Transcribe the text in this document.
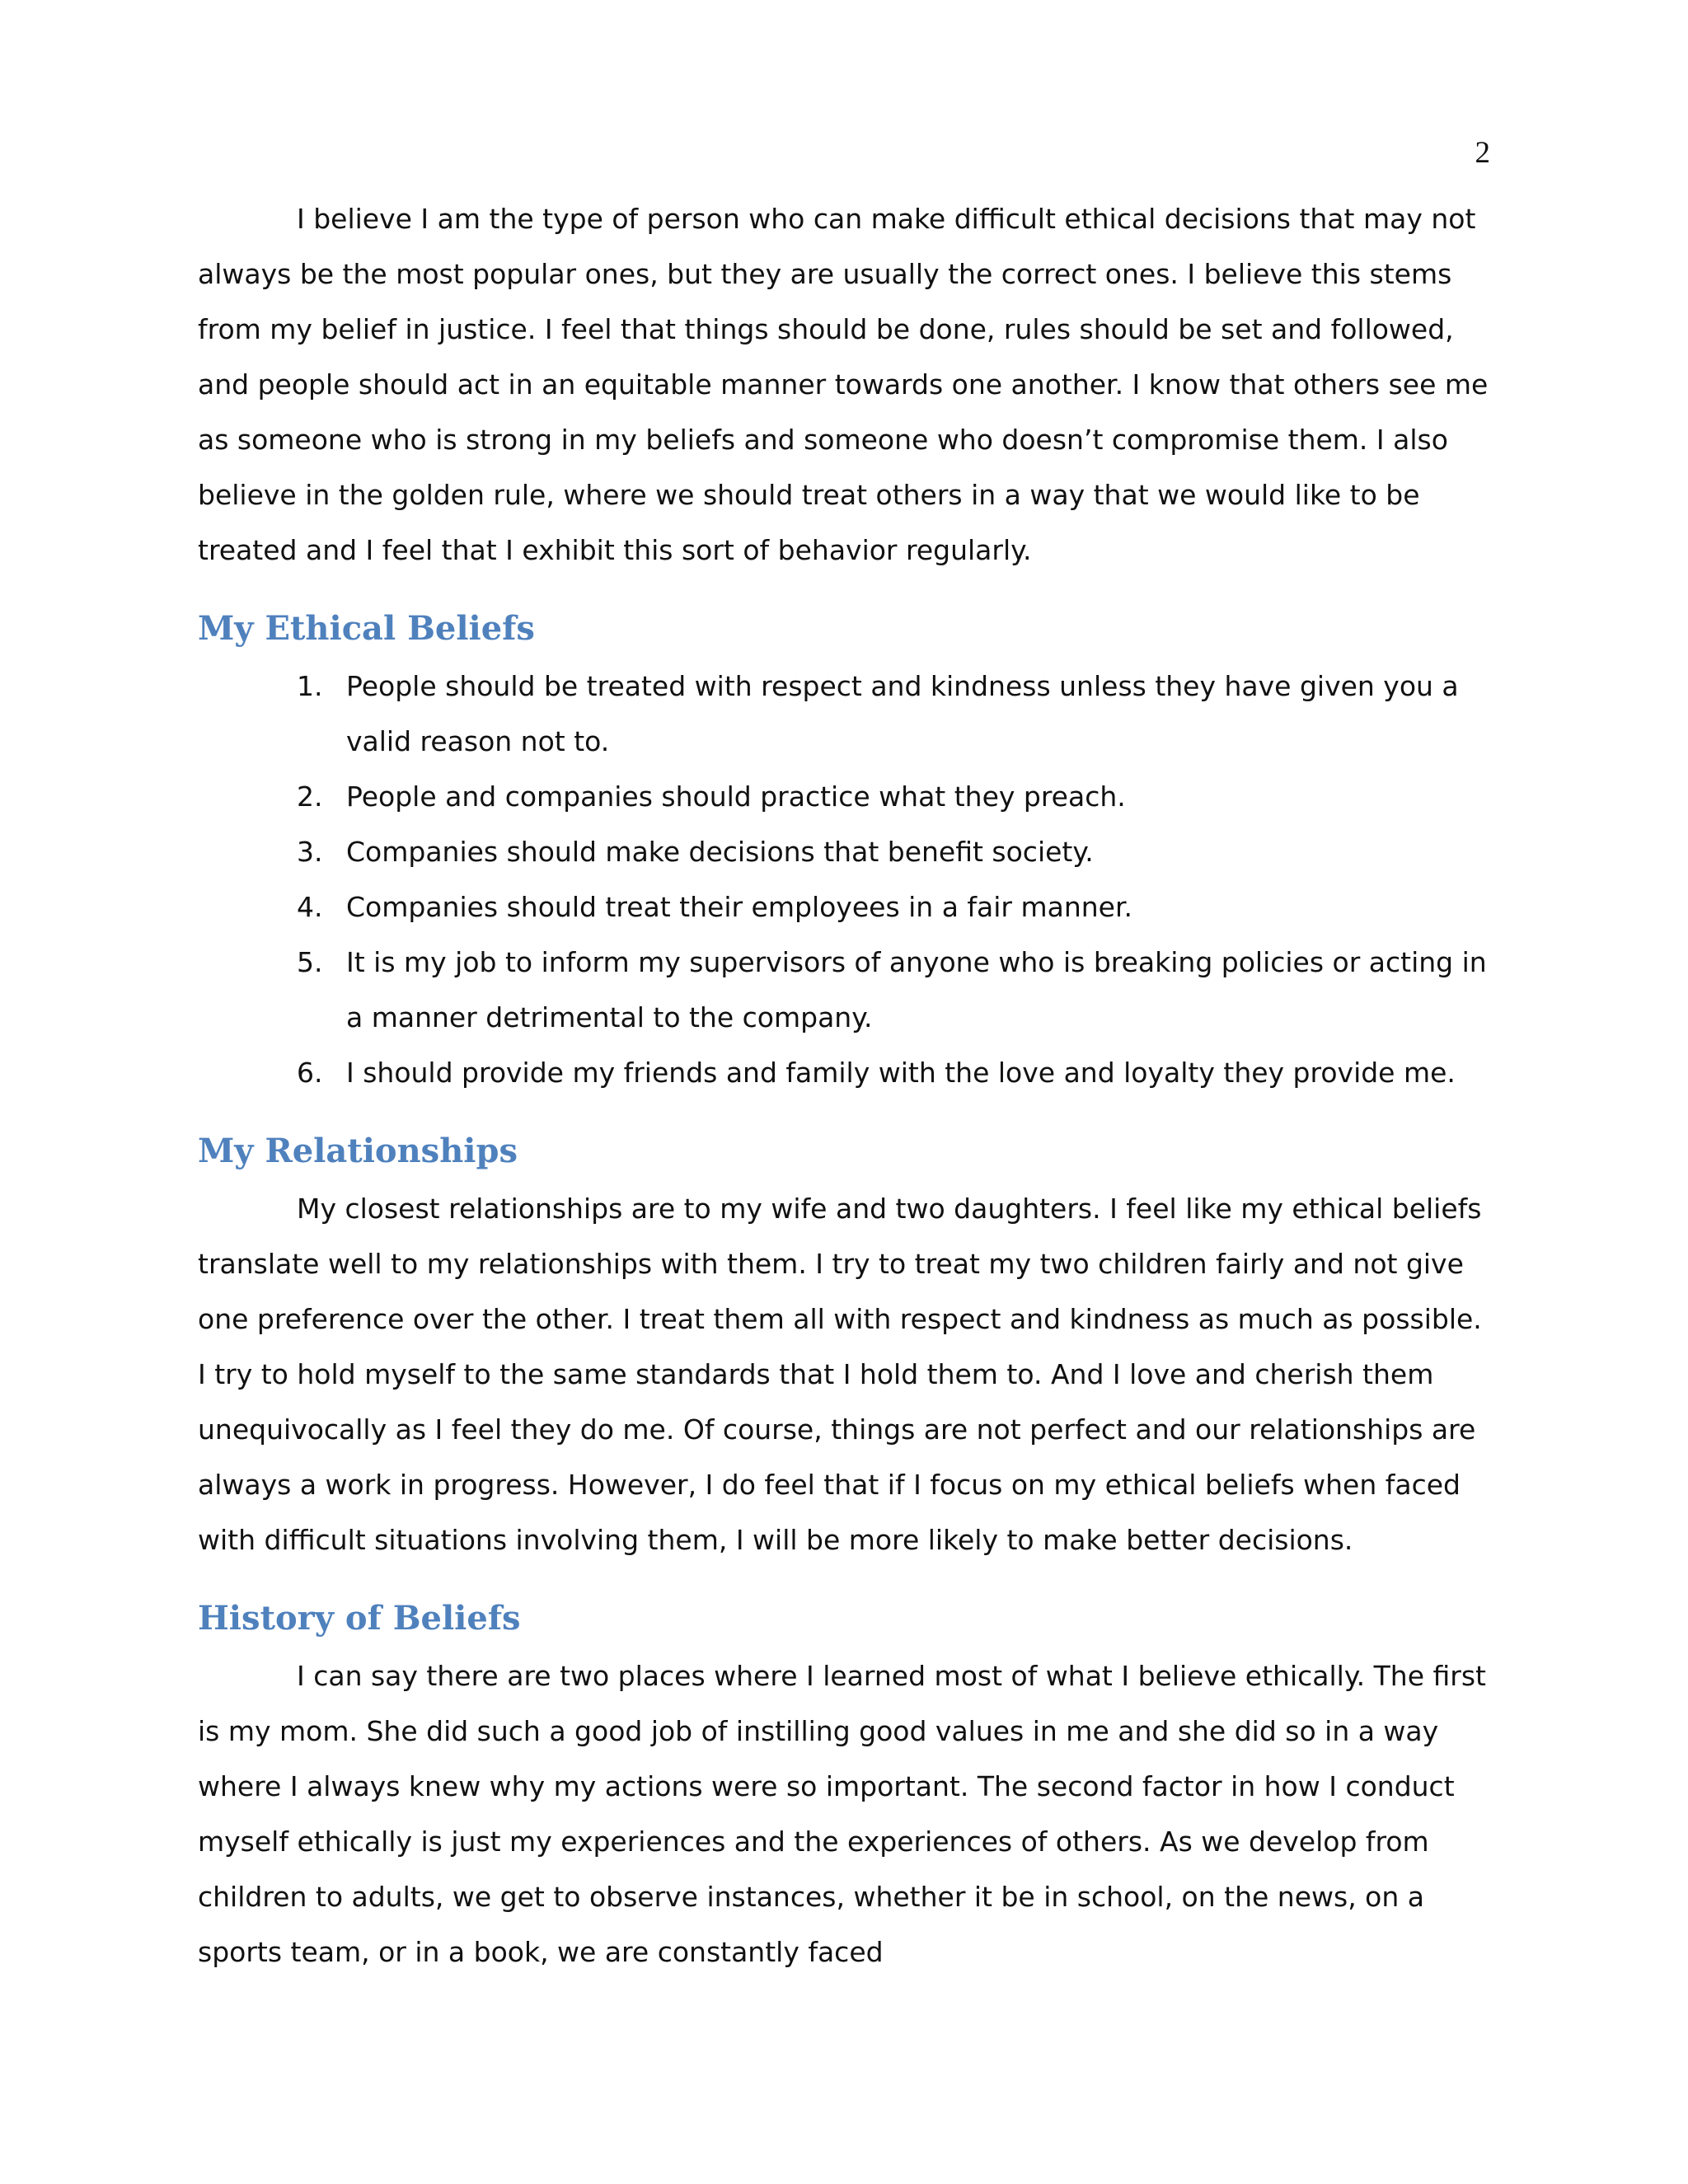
2

I believe I am the type of person who can make difficult ethical decisions that may not always be the most popular ones, but they are usually the correct ones. I believe this stems from my belief in justice. I feel that things should be done, rules should be set and followed, and people should act in an equitable manner towards one another. I know that others see me as someone who is strong in my beliefs and someone who doesn’t compromise them. I also believe in the golden rule, where we should treat others in a way that we would like to be treated and I feel that I exhibit this sort of behavior regularly.

My Ethical Beliefs
1. People should be treated with respect and kindness unless they have given you a valid reason not to.
2. People and companies should practice what they preach.
3. Companies should make decisions that benefit society.
4. Companies should treat their employees in a fair manner.
5. It is my job to inform my supervisors of anyone who is breaking policies or acting in a manner detrimental to the company.
6. I should provide my friends and family with the love and loyalty they provide me.
My Relationships

My closest relationships are to my wife and two daughters. I feel like my ethical beliefs translate well to my relationships with them. I try to treat my two children fairly and not give one preference over the other. I treat them all with respect and kindness as much as possible. I try to hold myself to the same standards that I hold them to. And I love and cherish them unequivocally as I feel they do me. Of course, things are not perfect and our relationships are always a work in progress. However, I do feel that if I focus on my ethical beliefs when faced with difficult situations involving them, I will be more likely to make better decisions.

History of Beliefs

I can say there are two places where I learned most of what I believe ethically. The first is my mom. She did such a good job of instilling good values in me and she did so in a way where I always knew why my actions were so important. The second factor in how I conduct myself ethically is just my experiences and the experiences of others. As we develop from children to adults, we get to observe instances, whether it be in school, on the news, on a sports team, or in a book, we are constantly faced
